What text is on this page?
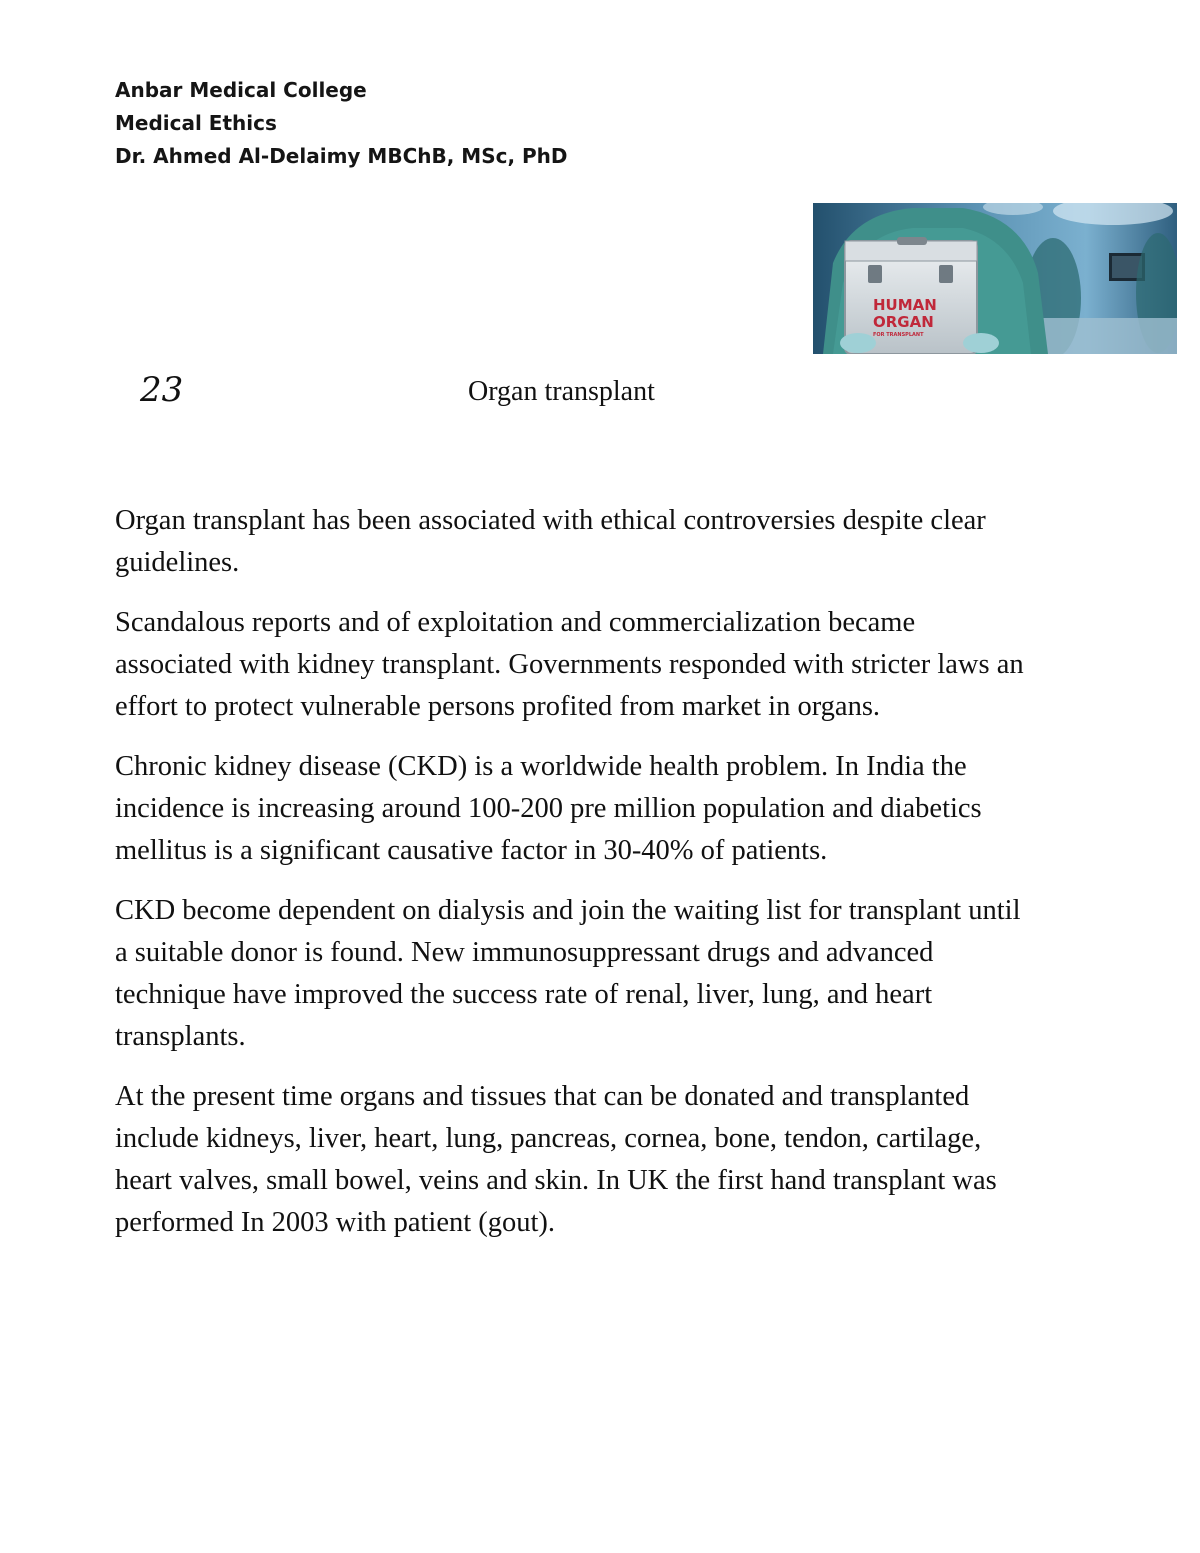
Anbar Medical College
Medical Ethics
Dr. Ahmed Al-Delaimy MBChB, MSc, PhD
HUMAN
ORGAN
FOR TRANSPLANT
23	Organ transplant

Organ transplant has been associated with ethical controversies despite clear guidelines.

Scandalous reports and of exploitation and commercialization became associated with kidney transplant. Governments responded with stricter laws an effort to protect vulnerable persons profited from market in organs.

Chronic kidney disease (CKD) is a worldwide health problem. In India the incidence is increasing around 100-200 pre million population and diabetics mellitus is a significant causative factor in 30-40% of patients.

CKD become dependent on dialysis and join the waiting list for transplant until a suitable donor is found. New immunosuppressant drugs and advanced technique have improved the success rate of renal, liver, lung, and heart transplants.

At the present time organs and tissues that can be donated and transplanted include kidneys, liver, heart, lung, pancreas, cornea, bone, tendon, cartilage, heart valves, small bowel, veins and skin. In UK the first hand transplant was performed In 2003 with patient (gout).
